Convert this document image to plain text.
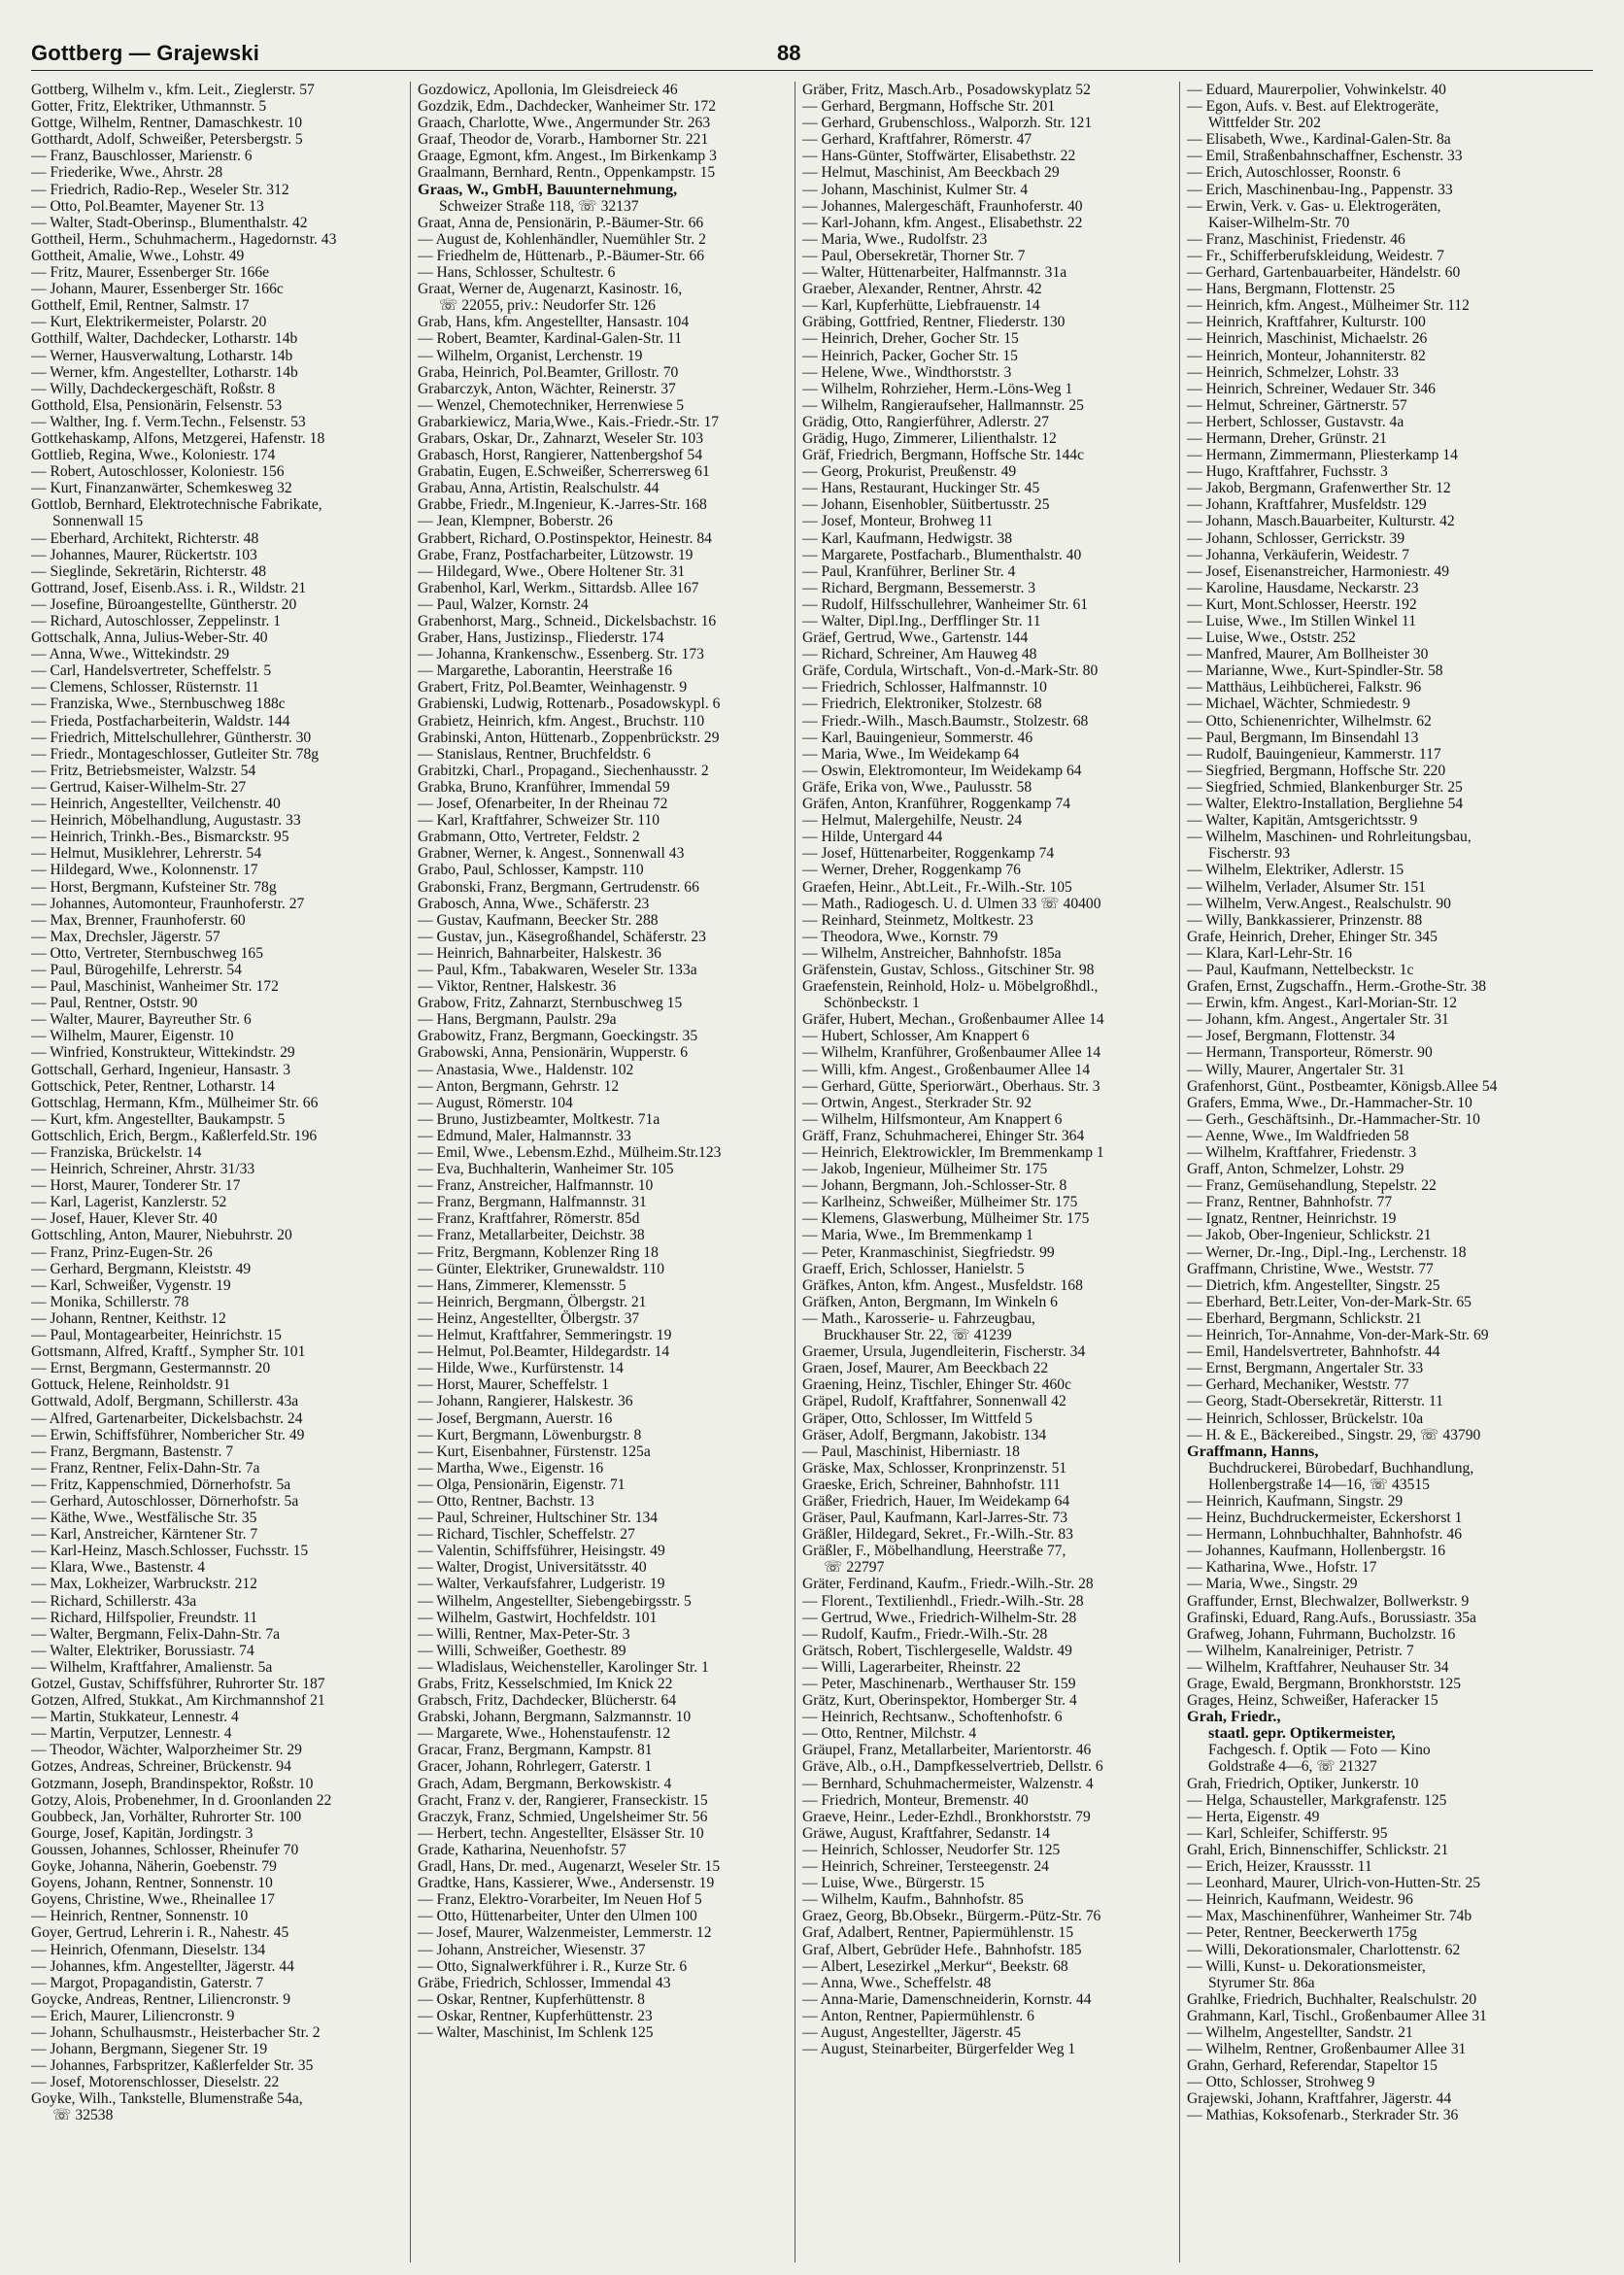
Gottberg — Grajewski	88
Gottberg, Wilhelm v., kfm. Leit., Zieglerstr. 57
Gotter, Fritz, Elektriker, Uthmannstr. 5
Gottge, Wilhelm, Rentner, Damaschkestr. 10
Gotthardt, Adolf, Schweißer, Petersbergstr. 5
— Franz, Bauschlosser, Marienstr. 6
— Friederike, Wwe., Ahrstr. 28
— Friedrich, Radio-Rep., Weseler Str. 312
— Otto, Pol.Beamter, Mayener Str. 13
— Walter, Stadt-Oberinsp., Blumenthalstr. 42
Gottheil, Herm., Schuhmacherm., Hagedornstr. 43
Gottheit, Amalie, Wwe., Lohstr. 49
— Fritz, Maurer, Essenberger Str. 166e
— Johann, Maurer, Essenberger Str. 166c
Gotthelf, Emil, Rentner, Salmstr. 17
— Kurt, Elektrikermeister, Polarstr. 20
Gotthilf, Walter, Dachdecker, Lotharstr. 14b
— Werner, Hausverwaltung, Lotharstr. 14b
— Werner, kfm. Angestellter, Lotharstr. 14b
— Willy, Dachdeckergeschäft, Roßstr. 8
Gotthold, Elsa, Pensionärin, Felsenstr. 53
— Walther, Ing. f. Verm.Techn., Felsenstr. 53
Gottkehaskamp, Alfons, Metzgerei, Hafenstr. 18
Gottlieb, Regina, Wwe., Koloniestr. 174
— Robert, Autoschlosser, Koloniestr. 156
— Kurt, Finanzanwärter, Schemkesweg 32
Gottlob, Bernhard, Elektrotechnische Fabrikate,
Sonnenwall 15
— Eberhard, Architekt, Richterstr. 48
— Johannes, Maurer, Rückertstr. 103
— Sieglinde, Sekretärin, Richterstr. 48
Gottrand, Josef, Eisenb.Ass. i. R., Wildstr. 21
— Josefine, Büroangestellte, Güntherstr. 20
— Richard, Autoschlosser, Zeppelinstr. 1
Gottschalk, Anna, Julius-Weber-Str. 40
— Anna, Wwe., Wittekindstr. 29
— Carl, Handelsvertreter, Scheffelstr. 5
— Clemens, Schlosser, Rüsternstr. 11
— Franziska, Wwe., Sternbuschweg 188c
— Frieda, Postfacharbeiterin, Waldstr. 144
— Friedrich, Mittelschullehrer, Güntherstr. 30
— Friedr., Montageschlosser, Gutleiter Str. 78g
— Fritz, Betriebsmeister, Walzstr. 54
— Gertrud, Kaiser-Wilhelm-Str. 27
— Heinrich, Angestellter, Veilchenstr. 40
— Heinrich, Möbelhandlung, Augustastr. 33
— Heinrich, Trinkh.-Bes., Bismarckstr. 95
— Helmut, Musiklehrer, Lehrerstr. 54
— Hildegard, Wwe., Kolonnenstr. 17
— Horst, Bergmann, Kufsteiner Str. 78g
— Johannes, Automonteur, Fraunhoferstr. 27
— Max, Brenner, Fraunhoferstr. 60
— Max, Drechsler, Jägerstr. 57
— Otto, Vertreter, Sternbuschweg 165
— Paul, Bürogehilfe, Lehrerstr. 54
— Paul, Maschinist, Wanheimer Str. 172
— Paul, Rentner, Oststr. 90
— Walter, Maurer, Bayreuther Str. 6
— Wilhelm, Maurer, Eigenstr. 10
— Winfried, Konstrukteur, Wittekindstr. 29
Gottschall, Gerhard, Ingenieur, Hansastr. 3
Gottschick, Peter, Rentner, Lotharstr. 14
Gottschlag, Hermann, Kfm., Mülheimer Str. 66
— Kurt, kfm. Angestellter, Baukampstr. 5
Gottschlich, Erich, Bergm., Kaßlerfeld.Str. 196
— Franziska, Brückelstr. 14
— Heinrich, Schreiner, Ahrstr. 31/33
— Horst, Maurer, Tonderer Str. 17
— Karl, Lagerist, Kanzlerstr. 52
— Josef, Hauer, Klever Str. 40
Gottschling, Anton, Maurer, Niebuhrstr. 20
— Franz, Prinz-Eugen-Str. 26
— Gerhard, Bergmann, Kleiststr. 49
— Karl, Schweißer, Vygenstr. 19
— Monika, Schillerstr. 78
— Johann, Rentner, Keithstr. 12
— Paul, Montagearbeiter, Heinrichstr. 15
Gottsmann, Alfred, Kraftf., Sympher Str. 101
— Ernst, Bergmann, Gestermannstr. 20
Gottuck, Helene, Reinholdstr. 91
Gottwald, Adolf, Bergmann, Schillerstr. 43a
— Alfred, Gartenarbeiter, Dickelsbachstr. 24
— Erwin, Schiffsführer, Nombericher Str. 49
— Franz, Bergmann, Bastenstr. 7
— Franz, Rentner, Felix-Dahn-Str. 7a
— Fritz, Kappenschmied, Dörnerhofstr. 5a
— Gerhard, Autoschlosser, Dörnerhofstr. 5a
— Käthe, Wwe., Westfälische Str. 35
— Karl, Anstreicher, Kärntener Str. 7
— Karl-Heinz, Masch.Schlosser, Fuchsstr. 15
— Klara, Wwe., Bastenstr. 4
— Max, Lokheizer, Warbruckstr. 212
— Richard, Schillerstr. 43a
— Richard, Hilfspolier, Freundstr. 11
— Walter, Bergmann, Felix-Dahn-Str. 7a
— Walter, Elektriker, Borussiastr. 74
— Wilhelm, Kraftfahrer, Amalienstr. 5a
Gotzel, Gustav, Schiffsführer, Ruhrorter Str. 187
Gotzen, Alfred, Stukkat., Am Kirchmannshof 21
— Martin, Stukkateur, Lennestr. 4
— Martin, Verputzer, Lennestr. 4
— Theodor, Wächter, Walporzheimer Str. 29
Gotzes, Andreas, Schreiner, Brückenstr. 94
Gotzmann, Joseph, Brandinspektor, Roßstr. 10
Gotzy, Alois, Probenehmer, In d. Groonlanden 22
Goubbeck, Jan, Vorhälter, Ruhrorter Str. 100
Gourge, Josef, Kapitän, Jordingstr. 3
Goussen, Johannes, Schlosser, Rheinufer 70
Goyke, Johanna, Näherin, Goebenstr. 79
Goyens, Johann, Rentner, Sonnenstr. 10
Goyens, Christine, Wwe., Rheinallee 17
— Heinrich, Rentner, Sonnenstr. 10
Goyer, Gertrud, Lehrerin i. R., Nahestr. 45
— Heinrich, Ofenmann, Dieselstr. 134
— Johannes, kfm. Angestellter, Jägerstr. 44
— Margot, Propagandistin, Gaterstr. 7
Goycke, Andreas, Rentner, Liliencronstr. 9
— Erich, Maurer, Liliencronstr. 9
— Johann, Schulhausmstr., Heisterbacher Str. 2
— Johann, Bergmann, Siegener Str. 19
— Johannes, Farbspritzer, Kaßlerfelder Str. 35
— Josef, Motorenschlosser, Dieselstr. 22
Goyke, Wilh., Tankstelle, Blumenstraße 54a,
☏ 32538
Gozdowicz, Apollonia, Im Gleisdreieck 46
Gozdzik, Edm., Dachdecker, Wanheimer Str. 172
Graach, Charlotte, Wwe., Angermunder Str. 263
Graaf, Theodor de, Vorarb., Hamborner Str. 221
Graage, Egmont, kfm. Angest., Im Birkenkamp 3
Graalmann, Bernhard, Rentn., Oppenkampstr. 15
Graas, W., GmbH, Bauunternehmung,
Schweizer Straße 118, ☏ 32137
Graat, Anna de, Pensionärin, P.-Bäumer-Str. 66
— August de, Kohlenhändler, Nuemühler Str. 2
— Friedhelm de, Hüttenarb., P.-Bäumer-Str. 66
— Hans, Schlosser, Schultestr. 6
Graat, Werner de, Augenarzt, Kasinostr. 16,
☏ 22055, priv.: Neudorfer Str. 126
Grab, Hans, kfm. Angestellter, Hansastr. 104
— Robert, Beamter, Kardinal-Galen-Str. 11
— Wilhelm, Organist, Lerchenstr. 19
Graba, Heinrich, Pol.Beamter, Grillostr. 70
Grabarczyk, Anton, Wächter, Reinerstr. 37
— Wenzel, Chemotechniker, Herrenwiese 5
Grabarkiewicz, Maria,Wwe., Kais.-Friedr.-Str. 17
Grabars, Oskar, Dr., Zahnarzt, Weseler Str. 103
Grabasch, Horst, Rangierer, Nattenbergshof 54
Grabatin, Eugen, E.Schweißer, Scherrersweg 61
Grabau, Anna, Artistin, Realschulstr. 44
Grabbe, Friedr., M.Ingenieur, K.-Jarres-Str. 168
— Jean, Klempner, Boberstr. 26
Grabbert, Richard, O.Postinspektor, Heinestr. 84
Grabe, Franz, Postfacharbeiter, Lützowstr. 19
— Hildegard, Wwe., Obere Holtener Str. 31
Grabenhol, Karl, Werkm., Sittardsb. Allee 167
— Paul, Walzer, Kornstr. 24
Grabenhorst, Marg., Schneid., Dickelsbachstr. 16
Graber, Hans, Justizinsp., Fliederstr. 174
— Johanna, Krankenschw., Essenberg. Str. 173
— Margarethe, Laborantin, Heerstraße 16
Grabert, Fritz, Pol.Beamter, Weinhagenstr. 9
Grabienski, Ludwig, Rottenarb., Posadowskypl. 6
Grabietz, Heinrich, kfm. Angest., Bruchstr. 110
Grabinski, Anton, Hüttenarb., Zoppenbrückstr. 29
— Stanislaus, Rentner, Bruchfeldstr. 6
Grabitzki, Charl., Propagand., Siechenhausstr. 2
Grabka, Bruno, Kranführer, Immendal 59
— Josef, Ofenarbeiter, In der Rheinau 72
— Karl, Kraftfahrer, Schweizer Str. 110
Grabmann, Otto, Vertreter, Feldstr. 2
Grabner, Werner, k. Angest., Sonnenwall 43
Grabo, Paul, Schlosser, Kampstr. 110
Grabonski, Franz, Bergmann, Gertrudenstr. 66
Grabosch, Anna, Wwe., Schäferstr. 23
— Gustav, Kaufmann, Beecker Str. 288
— Gustav, jun., Käsegroßhandel, Schäferstr. 23
— Heinrich, Bahnarbeiter, Halskestr. 36
— Paul, Kfm., Tabakwaren, Weseler Str. 133a
— Viktor, Rentner, Halskestr. 36
Grabow, Fritz, Zahnarzt, Sternbuschweg 15
— Hans, Bergmann, Paulstr. 29a
Grabowitz, Franz, Bergmann, Goeckingstr. 35
Grabowski, Anna, Pensionärin, Wupperstr. 6
— Anastasia, Wwe., Haldenstr. 102
— Anton, Bergmann, Gehrstr. 12
— August, Römerstr. 104
— Bruno, Justizbeamter, Moltkestr. 71a
— Edmund, Maler, Halmannstr. 33
— Emil, Wwe., Lebensm.Ezhd., Mülheim.Str.123
— Eva, Buchhalterin, Wanheimer Str. 105
— Franz, Anstreicher, Halfmannstr. 10
— Franz, Bergmann, Halfmannstr. 31
— Franz, Kraftfahrer, Römerstr. 85d
— Franz, Metallarbeiter, Deichstr. 38
— Fritz, Bergmann, Koblenzer Ring 18
— Günter, Elektriker, Grunewaldstr. 110
— Hans, Zimmerer, Klemensstr. 5
— Heinrich, Bergmann, Ölbergstr. 21
— Heinz, Angestellter, Ölbergstr. 37
— Helmut, Kraftfahrer, Semmeringstr. 19
— Helmut, Pol.Beamter, Hildegardstr. 14
— Hilde, Wwe., Kurfürstenstr. 14
— Horst, Maurer, Scheffelstr. 1
— Johann, Rangierer, Halskestr. 36
— Josef, Bergmann, Auerstr. 16
— Kurt, Bergmann, Löwenburgstr. 8
— Kurt, Eisenbahner, Fürstenstr. 125a
— Martha, Wwe., Eigenstr. 16
— Olga, Pensionärin, Eigenstr. 71
— Otto, Rentner, Bachstr. 13
— Paul, Schreiner, Hultschiner Str. 134
— Richard, Tischler, Scheffelstr. 27
— Valentin, Schiffsführer, Heisingstr. 49
— Walter, Drogist, Universitätsstr. 40
— Walter, Verkaufsfahrer, Ludgeristr. 19
— Wilhelm, Angestellter, Siebengebirgsstr. 5
— Wilhelm, Gastwirt, Hochfeldstr. 101
— Willi, Rentner, Max-Peter-Str. 3
— Willi, Schweißer, Goethestr. 89
— Wladislaus, Weichensteller, Karolinger Str. 1
Grabs, Fritz, Kesselschmied, Im Knick 22
Grabsch, Fritz, Dachdecker, Blücherstr. 64
Grabski, Johann, Bergmann, Salzmannstr. 10
— Margarete, Wwe., Hohenstaufenstr. 12
Gracar, Franz, Bergmann, Kampstr. 81
Gracer, Johann, Rohrlegerr, Gaterstr. 1
Grach, Adam, Bergmann, Berkowskistr. 4
Gracht, Franz v. der, Rangierer, Franseckistr. 15
Graczyk, Franz, Schmied, Ungelsheimer Str. 56
— Herbert, techn. Angestellter, Elsässer Str. 10
Grade, Katharina, Neuenhofstr. 57
Gradl, Hans, Dr. med., Augenarzt, Weseler Str. 15
Gradtke, Hans, Kassierer, Wwe., Andersenstr. 19
— Franz, Elektro-Vorarbeiter, Im Neuen Hof 5
— Otto, Hüttenarbeiter, Unter den Ulmen 100
— Josef, Maurer, Walzenmeister, Lemmerstr. 12
— Johann, Anstreicher, Wiesenstr. 37
— Otto, Signalwerkführer i. R., Kurze Str. 6
Gräbe, Friedrich, Schlosser, Immendal 43
— Oskar, Rentner, Kupferhüttenstr. 8
— Oskar, Rentner, Kupferhüttenstr. 23
— Walter, Maschinist, Im Schlenk 125
Gräber, Fritz, Masch.Arb., Posadowskyplatz 52
— Gerhard, Bergmann, Hoffsche Str. 201
— Gerhard, Grubenschloss., Walporzh. Str. 121
— Gerhard, Kraftfahrer, Römerstr. 47
— Hans-Günter, Stoffwärter, Elisabethstr. 22
— Helmut, Maschinist, Am Beeckbach 29
— Johann, Maschinist, Kulmer Str. 4
— Johannes, Malergeschäft, Fraunhoferstr. 40
— Karl-Johann, kfm. Angest., Elisabethstr. 22
— Maria, Wwe., Rudolfstr. 23
— Paul, Obersekretär, Thorner Str. 7
— Walter, Hüttenarbeiter, Halfmannstr. 31a
Graeber, Alexander, Rentner, Ahrstr. 42
— Karl, Kupferhütte, Liebfrauenstr. 14
Gräbing, Gottfried, Rentner, Fliederstr. 130
— Heinrich, Dreher, Gocher Str. 15
— Heinrich, Packer, Gocher Str. 15
— Helene, Wwe., Windthorststr. 3
— Wilhelm, Rohrzieher, Herm.-Löns-Weg 1
— Wilhelm, Rangieraufseher, Hallmannstr. 25
Grädig, Otto, Rangierführer, Adlerstr. 27
Grädig, Hugo, Zimmerer, Lilienthalstr. 12
Gräf, Friedrich, Bergmann, Hoffsche Str. 144c
— Georg, Prokurist, Preußenstr. 49
— Hans, Restaurant, Huckinger Str. 45
— Johann, Eisenhobler, Süitbertusstr. 25
— Josef, Monteur, Brohweg 11
— Karl, Kaufmann, Hedwigstr. 38
— Margarete, Postfacharb., Blumenthalstr. 40
— Paul, Kranführer, Berliner Str. 4
— Richard, Bergmann, Bessemerstr. 3
— Rudolf, Hilfsschullehrer, Wanheimer Str. 61
— Walter, Dipl.Ing., Derfflinger Str. 11
Gräef, Gertrud, Wwe., Gartenstr. 144
— Richard, Schreiner, Am Hauweg 48
Gräfe, Cordula, Wirtschaft., Von-d.-Mark-Str. 80
— Friedrich, Schlosser, Halfmannstr. 10
— Friedrich, Elektroniker, Stolzestr. 68
— Friedr.-Wilh., Masch.Baumstr., Stolzestr. 68
— Karl, Bauingenieur, Sommerstr. 46
— Maria, Wwe., Im Weidekamp 64
— Oswin, Elektromonteur, Im Weidekamp 64
Gräfe, Erika von, Wwe., Paulusstr. 58
Gräfen, Anton, Kranführer, Roggenkamp 74
— Helmut, Malergehilfe, Neustr. 24
— Hilde, Untergard 44
— Josef, Hüttenarbeiter, Roggenkamp 74
— Werner, Dreher, Roggenkamp 76
Graefen, Heinr., Abt.Leit., Fr.-Wilh.-Str. 105
— Math., Radiogesch. U. d. Ulmen 33 ☏ 40400
— Reinhard, Steinmetz, Moltkestr. 23
— Theodora, Wwe., Kornstr. 79
— Wilhelm, Anstreicher, Bahnhofstr. 185a
Gräfenstein, Gustav, Schloss., Gitschiner Str. 98
Graefenstein, Reinhold, Holz- u. Möbelgroßhdl.,
Schönbeckstr. 1
Gräfer, Hubert, Mechan., Großenbaumer Allee 14
— Hubert, Schlosser, Am Knappert 6
— Wilhelm, Kranführer, Großenbaumer Allee 14
— Willi, kfm. Angest., Großenbaumer Allee 14
— Gerhard, Gütte, Speriorwärt., Oberhaus. Str. 3
— Ortwin, Angest., Sterkrader Str. 92
— Wilhelm, Hilfsmonteur, Am Knappert 6
Gräff, Franz, Schuhmacherei, Ehinger Str. 364
— Heinrich, Elektrowickler, Im Bremmenkamp 1
— Jakob, Ingenieur, Mülheimer Str. 175
— Johann, Bergmann, Joh.-Schlosser-Str. 8
— Karlheinz, Schweißer, Mülheimer Str. 175
— Klemens, Glaswerbung, Mülheimer Str. 175
— Maria, Wwe., Im Bremmenkamp 1
— Peter, Kranmaschinist, Siegfriedstr. 99
Graeff, Erich, Schlosser, Hanielstr. 5
Gräfkes, Anton, kfm. Angest., Musfeldstr. 168
Gräfken, Anton, Bergmann, Im Winkeln 6
— Math., Karosserie- u. Fahrzeugbau,
Bruckhauser Str. 22, ☏ 41239
Graemer, Ursula, Jugendleiterin, Fischerstr. 34
Graen, Josef, Maurer, Am Beeckbach 22
Graening, Heinz, Tischler, Ehinger Str. 460c
Gräpel, Rudolf, Kraftfahrer, Sonnenwall 42
Gräper, Otto, Schlosser, Im Wittfeld 5
Gräser, Adolf, Bergmann, Jakobistr. 134
— Paul, Maschinist, Hiberniastr. 18
Gräske, Max, Schlosser, Kronprinzenstr. 51
Graeske, Erich, Schreiner, Bahnhofstr. 111
Gräßer, Friedrich, Hauer, Im Weidekamp 64
Gräser, Paul, Kaufmann, Karl-Jarres-Str. 73
Gräßler, Hildegard, Sekret., Fr.-Wilh.-Str. 83
Gräßler, F., Möbelhandlung, Heerstraße 77,
☏ 22797
Gräter, Ferdinand, Kaufm., Friedr.-Wilh.-Str. 28
— Florent., Textilienhdl., Friedr.-Wilh.-Str. 28
— Gertrud, Wwe., Friedrich-Wilhelm-Str. 28
— Rudolf, Kaufm., Friedr.-Wilh.-Str. 28
Grätsch, Robert, Tischlergeselle, Waldstr. 49
— Willi, Lagerarbeiter, Rheinstr. 22
— Peter, Maschinenarb., Werthauser Str. 159
Grätz, Kurt, Oberinspektor, Homberger Str. 4
— Heinrich, Rechtsanw., Schoftenhofstr. 6
— Otto, Rentner, Milchstr. 4
Gräupel, Franz, Metallarbeiter, Marientorstr. 46
Gräve, Alb., o.H., Dampfkesselvertrieb, Dellstr. 6
— Bernhard, Schuhmachermeister, Walzenstr. 4
— Friedrich, Monteur, Bremenstr. 40
Graeve, Heinr., Leder-Ezhdl., Bronkhorststr. 79
Gräwe, August, Kraftfahrer, Sedanstr. 14
— Heinrich, Schlosser, Neudorfer Str. 125
— Heinrich, Schreiner, Tersteegenstr. 24
— Luise, Wwe., Bürgerstr. 15
— Wilhelm, Kaufm., Bahnhofstr. 85
Graez, Georg, Bb.Obsekr., Bürgerm.-Pütz-Str. 76
Graf, Adalbert, Rentner, Papiermühlenstr. 15
Graf, Albert, Gebrüder Hefe., Bahnhofstr. 185
— Albert, Lesezirkel „Merkur“, Beekstr. 68
— Anna, Wwe., Scheffelstr. 48
— Anna-Marie, Damenschneiderin, Kornstr. 44
— Anton, Rentner, Papiermühlenstr. 6
— August, Angestellter, Jägerstr. 45
— August, Steinarbeiter, Bürgerfelder Weg 1
— Eduard, Maurerpolier, Vohwinkelstr. 40
— Egon, Aufs. v. Best. auf Elektrogeräte,
Wittfelder Str. 202
— Elisabeth, Wwe., Kardinal-Galen-Str. 8a
— Emil, Straßenbahnschaffner, Eschenstr. 33
— Erich, Autoschlosser, Roonstr. 6
— Erich, Maschinenbau-Ing., Pappenstr. 33
— Erwin, Verk. v. Gas- u. Elektrogeräten,
Kaiser-Wilhelm-Str. 70
— Franz, Maschinist, Friedenstr. 46
— Fr., Schifferberufskleidung, Weidestr. 7
— Gerhard, Gartenbauarbeiter, Händelstr. 60
— Hans, Bergmann, Flottenstr. 25
— Heinrich, kfm. Angest., Mülheimer Str. 112
— Heinrich, Kraftfahrer, Kulturstr. 100
— Heinrich, Maschinist, Michaelstr. 26
— Heinrich, Monteur, Johanniterstr. 82
— Heinrich, Schmelzer, Lohstr. 33
— Heinrich, Schreiner, Wedauer Str. 346
— Helmut, Schreiner, Gärtnerstr. 57
— Herbert, Schlosser, Gustavstr. 4a
— Hermann, Dreher, Grünstr. 21
— Hermann, Zimmermann, Pliesterkamp 14
— Hugo, Kraftfahrer, Fuchsstr. 3
— Jakob, Bergmann, Grafenwerther Str. 12
— Johann, Kraftfahrer, Musfeldstr. 129
— Johann, Masch.Bauarbeiter, Kulturstr. 42
— Johann, Schlosser, Gerrickstr. 39
— Johanna, Verkäuferin, Weidestr. 7
— Josef, Eisenanstreicher, Harmoniestr. 49
— Karoline, Hausdame, Neckarstr. 23
— Kurt, Mont.Schlosser, Heerstr. 192
— Luise, Wwe., Im Stillen Winkel 11
— Luise, Wwe., Oststr. 252
— Manfred, Maurer, Am Bollheister 30
— Marianne, Wwe., Kurt-Spindler-Str. 58
— Matthäus, Leihbücherei, Falkstr. 96
— Michael, Wächter, Schmiedestr. 9
— Otto, Schienenrichter, Wilhelmstr. 62
— Paul, Bergmann, Im Binsendahl 13
— Rudolf, Bauingenieur, Kammerstr. 117
— Siegfried, Bergmann, Hoffsche Str. 220
— Siegfried, Schmied, Blankenburger Str. 25
— Walter, Elektro-Installation, Bergliehne 54
— Walter, Kapitän, Amtsgerichtsstr. 9
— Wilhelm, Maschinen- und Rohrleitungsbau,
Fischerstr. 93
— Wilhelm, Elektriker, Adlerstr. 15
— Wilhelm, Verlader, Alsumer Str. 151
— Wilhelm, Verw.Angest., Realschulstr. 90
— Willy, Bankkassierer, Prinzenstr. 88
Grafe, Heinrich, Dreher, Ehinger Str. 345
— Klara, Karl-Lehr-Str. 16
— Paul, Kaufmann, Nettelbeckstr. 1c
Grafen, Ernst, Zugschaffn., Herm.-Grothe-Str. 38
— Erwin, kfm. Angest., Karl-Morian-Str. 12
— Johann, kfm. Angest., Angertaler Str. 31
— Josef, Bergmann, Flottenstr. 34
— Hermann, Transporteur, Römerstr. 90
— Willy, Maurer, Angertaler Str. 31
Grafenhorst, Günt., Postbeamter, Königsb.Allee 54
Grafers, Emma, Wwe., Dr.-Hammacher-Str. 10
— Gerh., Geschäftsinh., Dr.-Hammacher-Str. 10
— Aenne, Wwe., Im Waldfrieden 58
— Wilhelm, Kraftfahrer, Friedenstr. 3
Graff, Anton, Schmelzer, Lohstr. 29
— Franz, Gemüsehandlung, Stepelstr. 22
— Franz, Rentner, Bahnhofstr. 77
— Ignatz, Rentner, Heinrichstr. 19
— Jakob, Ober-Ingenieur, Schlickstr. 21
— Werner, Dr.-Ing., Dipl.-Ing., Lerchenstr. 18
Graffmann, Christine, Wwe., Weststr. 77
— Dietrich, kfm. Angestellter, Singstr. 25
— Eberhard, Betr.Leiter, Von-der-Mark-Str. 65
— Eberhard, Bergmann, Schlickstr. 21
— Heinrich, Tor-Annahme, Von-der-Mark-Str. 69
— Emil, Handelsvertreter, Bahnhofstr. 44
— Ernst, Bergmann, Angertaler Str. 33
— Gerhard, Mechaniker, Weststr. 77
— Georg, Stadt-Obersekretär, Ritterstr. 11
— Heinrich, Schlosser, Brückelstr. 10a
— H. & E., Bäckereibed., Singstr. 29, ☏ 43790
Graffmann, Hanns,
Buchdruckerei, Bürobedarf, Buchhandlung,
Hollenbergstraße 14—16, ☏ 43515
— Heinrich, Kaufmann, Singstr. 29
— Heinz, Buchdruckermeister, Eckershorst 1
— Hermann, Lohnbuchhalter, Bahnhofstr. 46
— Johannes, Kaufmann, Hollenbergstr. 16
— Katharina, Wwe., Hofstr. 17
— Maria, Wwe., Singstr. 29
Graffunder, Ernst, Blechwalzer, Bollwerkstr. 9
Grafinski, Eduard, Rang.Aufs., Borussiastr. 35a
Grafweg, Johann, Fuhrmann, Bucholzstr. 16
— Wilhelm, Kanalreiniger, Petristr. 7
— Wilhelm, Kraftfahrer, Neuhauser Str. 34
Grage, Ewald, Bergmann, Bronkhorststr. 125
Grages, Heinz, Schweißer, Haferacker 15
Grah, Friedr.,
staatl. gepr. Optikermeister,
Fachgesch. f. Optik — Foto — Kino
Goldstraße 4—6, ☏ 21327
Grah, Friedrich, Optiker, Junkerstr. 10
— Helga, Schausteller, Markgrafenstr. 125
— Herta, Eigenstr. 49
— Karl, Schleifer, Schifferstr. 95
Grahl, Erich, Binnenschiffer, Schlickstr. 21
— Erich, Heizer, Kraussstr. 11
— Leonhard, Maurer, Ulrich-von-Hutten-Str. 25
— Heinrich, Kaufmann, Weidestr. 96
— Max, Maschinenführer, Wanheimer Str. 74b
— Peter, Rentner, Beeckerwerth 175g
— Willi, Dekorationsmaler, Charlottenstr. 62
— Willi, Kunst- u. Dekorationsmeister,
Styrumer Str. 86a
Grahlke, Friedrich, Buchhalter, Realschulstr. 20
Grahmann, Karl, Tischl., Großenbaumer Allee 31
— Wilhelm, Angestellter, Sandstr. 21
— Wilhelm, Rentner, Großenbaumer Allee 31
Grahn, Gerhard, Referendar, Stapeltor 15
— Otto, Schlosser, Strohweg 9
Grajewski, Johann, Kraftfahrer, Jägerstr. 44
— Mathias, Koksofenarb., Sterkrader Str. 36
